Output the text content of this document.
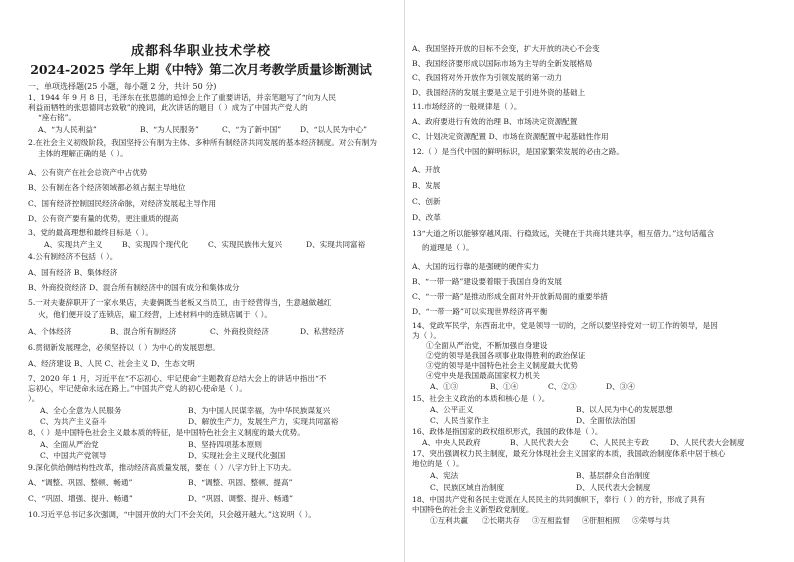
成都科华职业技术学校
2024-2025 学年上期《中特》第二次月考教学质量诊断测试
一、单项选择题(25 小题，每小题 2 分，共计 50 分)
1、1944 年 9 月 8 日，毛泽东在张思德的追悼会上作了重要讲话，并亲笔题写了“向为人民
利益而牺牲的张思德同志致敬”的挽词，此次讲话的题目（ ）成为了中国共产党人的
“座右铭”。
A、“为人民利益”	B、“为人民服务”	C、“为了新中国” D、“以人民为中心”
2.在社会主义初级阶段，我国坚持公有制为主体、多种所有制经济共同发展的基本经济制度。对公有制为
主体的理解正确的是（ ）。
A、公有资产在社会总资产中占优势
B、公有制在各个经济领域都必须占据主导地位
C、国有经济控制国民经济命脉，对经济发展起主导作用
D、公有资产要有量的优势，更注重质的提高
3、党的最高理想和最终目标是（ ）。
A、实现共产主义	B、实现四个现代化	C、实现民族伟大复兴	D、实现共同富裕
4.公有制经济不包括（ ）。
A、国有经济 B、集体经济
B、外商投资经济 D、混合所有制经济中的国有成分和集体成分
5.一对夫妻辞职开了一家水果店，夫妻俩既当老板又当员工，由于经营得当，生意越做越红
火，他们便开设了连锁店，雇工经营，上述材料中的连锁店属于（ ）。
A、个体经济	B、混合所有制经济	C、外商投资经济	D、私营经济
6.贯彻新发展理念，必须坚持以（ ）为中心的发展思想。
A、经济建设 B、人民 C、社会主义 D、生态文明
7、2020 年 1 月，习近平在“不忘初心、牢记使命”主题教育总结大会上的讲话中指出“不
忘初心，牢记使命永远在路上。”中国共产党人的初心使命是（ ）。
）。
A、全心全意为人民服务	B、为中国人民谋幸福，为中华民族谋复兴
C、为共产主义奋斗	D、解放生产力，发展生产力，实现共同富裕
8、（ ）是中国特色社会主义最本质的特征，是中国特色社会主义制度的最大优势。
A、全面从严治党	B、坚持四项基本原则
C、中国共产党领导	D、实现社会主义现代化强国
9.深化供给侧结构性改革，推动经济高质量发展，要在（ ）八字方针上下功夫。
A、“调整、巩固、整顿、畅通”	B、“调整、巩固、整顿、提高”
C、“巩固、增强、提升、畅通”	D、“巩固、调整、提升、畅通”
10.习近平总书记多次强调，“中国开放的大门不会关闭，只会越开越大。”这说明（ ）。
A、我国坚持开放的目标不会变，扩大开放的决心不会变
B、我国经济要形成以国际市场为主导的全新发展格局
C、我国将对外开放作为引领发展的第一动力
D、我国经济的发展主要是立足于引进外资的基础上
11.市场经济的一般规律是（ ）。
A、政府要进行有效的治理 B、市场决定资源配置
C、计划决定资源配置 D、市场在资源配置中起基础性作用
12.（ ）是当代中国的鲜明标识，是国家繁荣发展的必由之路。
A、开放
B、发展
C、创新
D、改革
13“大道之所以能够穿越风雨、行稳致远，关键在于共商共建共享，相互借力。”这句话蕴含
的道理是（ ）。
A、大国的远行靠的是强硬的硬件实力
B、“一带一路”建设要着眼于我国自身的发展
C、“一带一路”是推动形成全面对外开放新局面的重要举措
D、“一带一路”可以实现世界经济再平衡
14、党政军民学，东西南北中，党是领导一切的，之所以要坚持党对一切工作的领导，是因
为（ ）。
①全面从严治党，不断加强自身建设
②党的领导是我国各项事业取得胜利的政治保证
③党的领导是中国特色社会主义制度最大优势
④党中央是我国最高国家权力机关
A、①③	B、①④	C、②③	D、③④
15、社会主义政治的本质和核心是（ ）。
A、公平正义	B、以人民为中心的发展思想
C、人民当家作主	D、全面依法治国
16、政体是指国家的政权组织形式，我国的政体是（ ）。
A、中央人民政府	B、人民代表大会	C、人民民主专政	D、人民代表大会制度
17、突出强调权力民主制度，最充分体现社会主义国家的本质，我国政治制度体系中居于核心
地位的是（ ）。
A、宪法	B、基层群众自治制度
C、民族区域自治制度	D、人民代表大会制度
18、中国共产党和各民主党派在人民民主的共同旗帜下，奉行（ ）的方针，形成了具有
中国特色的社会主义新型政党制度。
①互利共赢 ②长期共存 ③互相监督 ④肝胆相照 ⑤荣辱与共
